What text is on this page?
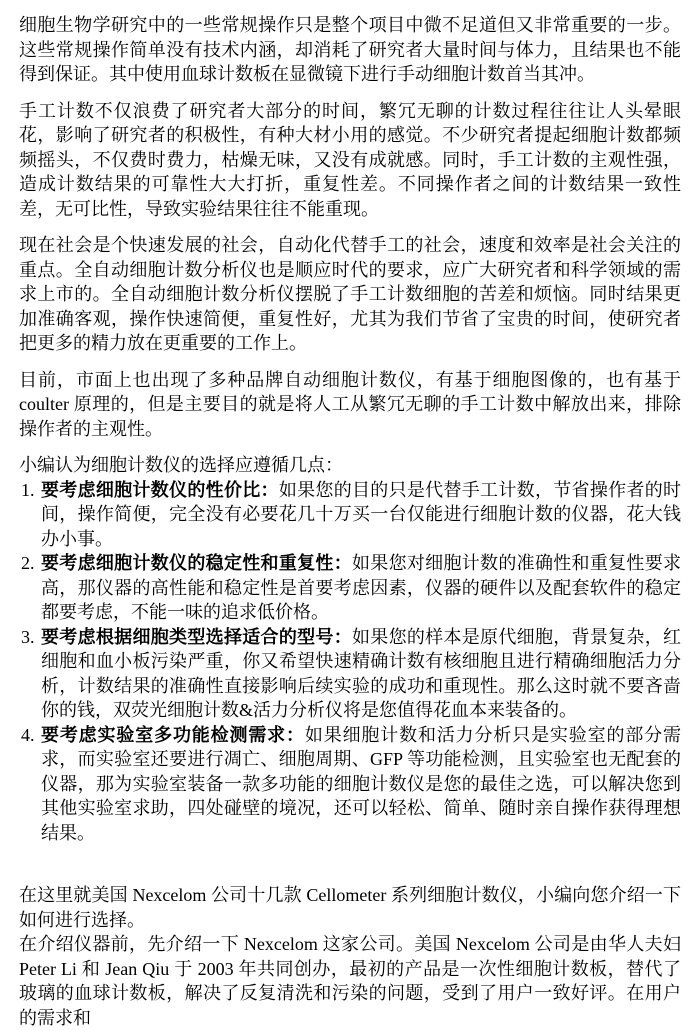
细胞生物学研究中的一些常规操作只是整个项目中微不足道但又非常重要的一步。这些常规操作简单没有技术内涵，却消耗了研究者大量时间与体力，且结果也不能得到保证。其中使用血球计数板在显微镜下进行手动细胞计数首当其冲。

手工计数不仅浪费了研究者大部分的时间，繁冗无聊的计数过程往往让人头晕眼花，影响了研究者的积极性，有种大材小用的感觉。不少研究者提起细胞计数都频频摇头，不仅费时费力，枯燥无味，又没有成就感。同时，手工计数的主观性强，造成计数结果的可靠性大大打折，重复性差。不同操作者之间的计数结果一致性差，无可比性，导致实验结果往往不能重现。

现在社会是个快速发展的社会，自动化代替手工的社会，速度和效率是社会关注的重点。全自动细胞计数分析仪也是顺应时代的要求，应广大研究者和科学领域的需求上市的。全自动细胞计数分析仪摆脱了手工计数细胞的苦差和烦恼。同时结果更加准确客观，操作快速简便，重复性好，尤其为我们节省了宝贵的时间，使研究者把更多的精力放在更重要的工作上。

目前，市面上也出现了多种品牌自动细胞计数仪，有基于细胞图像的，也有基于 coulter 原理的，但是主要目的就是将人工从繁冗无聊的手工计数中解放出来，排除操作者的主观性。

小编认为细胞计数仪的选择应遵循几点：

1. 要考虑细胞计数仪的性价比：如果您的目的只是代替手工计数，节省操作者的时间，操作简便，完全没有必要花几十万买一台仅能进行细胞计数的仪器，花大钱办小事。
2. 要考虑细胞计数仪的稳定性和重复性：如果您对细胞计数的准确性和重复性要求高，那仪器的高性能和稳定性是首要考虑因素，仪器的硬件以及配套软件的稳定都要考虑，不能一味的追求低价格。
3. 要考虑根据细胞类型选择适合的型号：如果您的样本是原代细胞，背景复杂，红细胞和血小板污染严重，你又希望快速精确计数有核细胞且进行精确细胞活力分析，计数结果的准确性直接影响后续实验的成功和重现性。那么这时就不要吝啬你的钱，双荧光细胞计数&活力分析仪将是您值得花血本来装备的。
4. 要考虑实验室多功能检测需求：如果细胞计数和活力分析只是实验室的部分需求，而实验室还要进行凋亡、细胞周期、GFP 等功能检测，且实验室也无配套的仪器，那为实验室装备一款多功能的细胞计数仪是您的最佳之选，可以解决您到其他实验室求助，四处碰壁的境况，还可以轻松、简单、随时亲自操作获得理想结果。

在这里就美国 Nexcelom 公司十几款 Cellometer 系列细胞计数仪，小编向您介绍一下如何进行选择。

在介绍仪器前，先介绍一下 Nexcelom 这家公司。美国 Nexcelom 公司是由华人夫妇 Peter Li 和 Jean Qiu 于 2003 年共同创办，最初的产品是一次性细胞计数板，替代了玻璃的血球计数板，解决了反复清洗和污染的问题，受到了用户一致好评。在用户的需求和
